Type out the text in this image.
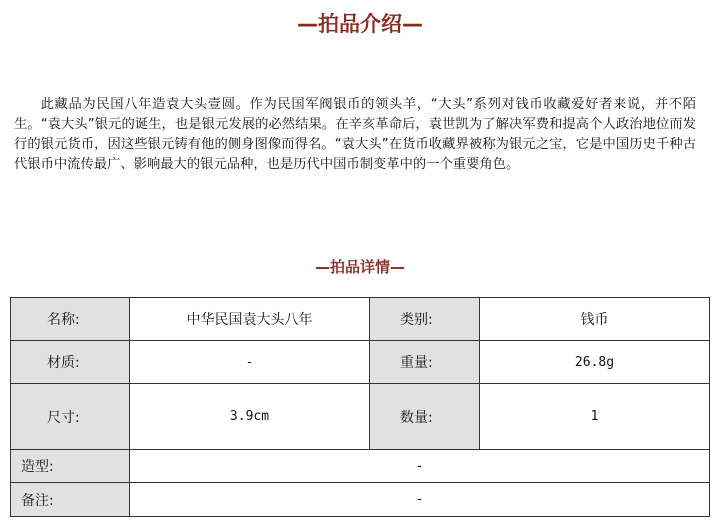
—拍品介绍—

此藏品为民国八年造袁大头壹圆。作为民国军阀银币的领头羊，“大头”系列对钱币收藏爱好者来说，并不陌生。“袁大头”银元的诞生，也是银元发展的必然结果。在辛亥革命后，袁世凯为了解决军费和提高个人政治地位而发行的银元货币，因这些银元铸有他的侧身图像而得名。“袁大头”在货币收藏界被称为银元之宝，它是中国历史千种古代银币中流传最广、影响最大的银元品种，也是历代中国币制变革中的一个重要角色。

—拍品详情—
名称:	中华民国袁大头八年	类别:	钱币
材质:	-	重量:	26.8g
尺寸:	3.9cm	数量:	1
造型:	-		
备注:	-		
